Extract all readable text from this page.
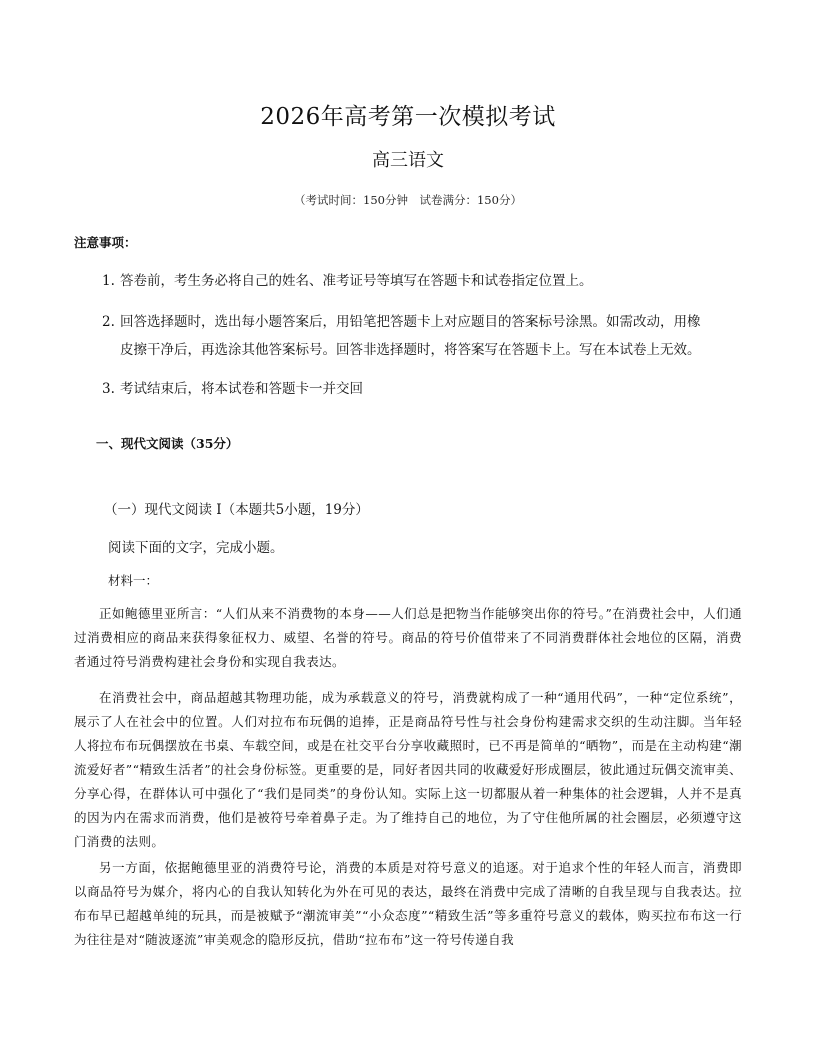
2026年高考第一次模拟考试
高三语文
（考试时间：150分钟　试卷满分：150分）
注意事项：
1. 答卷前，考生务必将自己的姓名、准考证号等填写在答题卡和试卷指定位置上。
2. 回答选择题时，选出每小题答案后，用铅笔把答题卡上对应题目的答案标号涂黑。如需改动，用橡
皮擦干净后，再选涂其他答案标号。回答非选择题时，将答案写在答题卡上。写在本试卷上无效。
3. 考试结束后，将本试卷和答题卡一并交回
一、现代文阅读（35分）
（一）现代文阅读 I（本题共5小题，19分）
阅读下面的文字，完成小题。
材料一：

正如鲍德里亚所言：“人们从来不消费物的本身——人们总是把物当作能够突出你的符号。”在消费社会中，人们通过消费相应的商品来获得象征权力、威望、名誉的符号。商品的符号价值带来了不同消费群体社会地位的区隔，消费者通过符号消费构建社会身份和实现自我表达。

在消费社会中，商品超越其物理功能，成为承载意义的符号，消费就构成了一种“通用代码”，一种“定位系统”，展示了人在社会中的位置。人们对拉布布玩偶的追捧，正是商品符号性与社会身份构建需求交织的生动注脚。当年轻人将拉布布玩偶摆放在书桌、车载空间，或是在社交平台分享收藏照时，已不再是简单的“晒物”，而是在主动构建“潮流爱好者”“精致生活者”的社会身份标签。更重要的是，同好者因共同的收藏爱好形成圈层，彼此通过玩偶交流审美、分享心得，在群体认可中强化了“我们是同类”的身份认知。实际上这一切都服从着一种集体的社会逻辑，人并不是真的因为内在需求而消费，他们是被符号牵着鼻子走。为了维持自己的地位，为了守住他所属的社会圈层，必须遵守这门消费的法则。

另一方面，依据鲍德里亚的消费符号论，消费的本质是对符号意义的追逐。对于追求个性的年轻人而言，消费即以商品符号为媒介，将内心的自我认知转化为外在可见的表达，最终在消费中完成了清晰的自我呈现与自我表达。拉布布早已超越单纯的玩具，而是被赋予“潮流审美”“小众态度”“精致生活”等多重符号意义的载体，购买拉布布这一行为往往是对“随波逐流”审美观念的隐形反抗，借助“拉布布”这一符号传递自我
